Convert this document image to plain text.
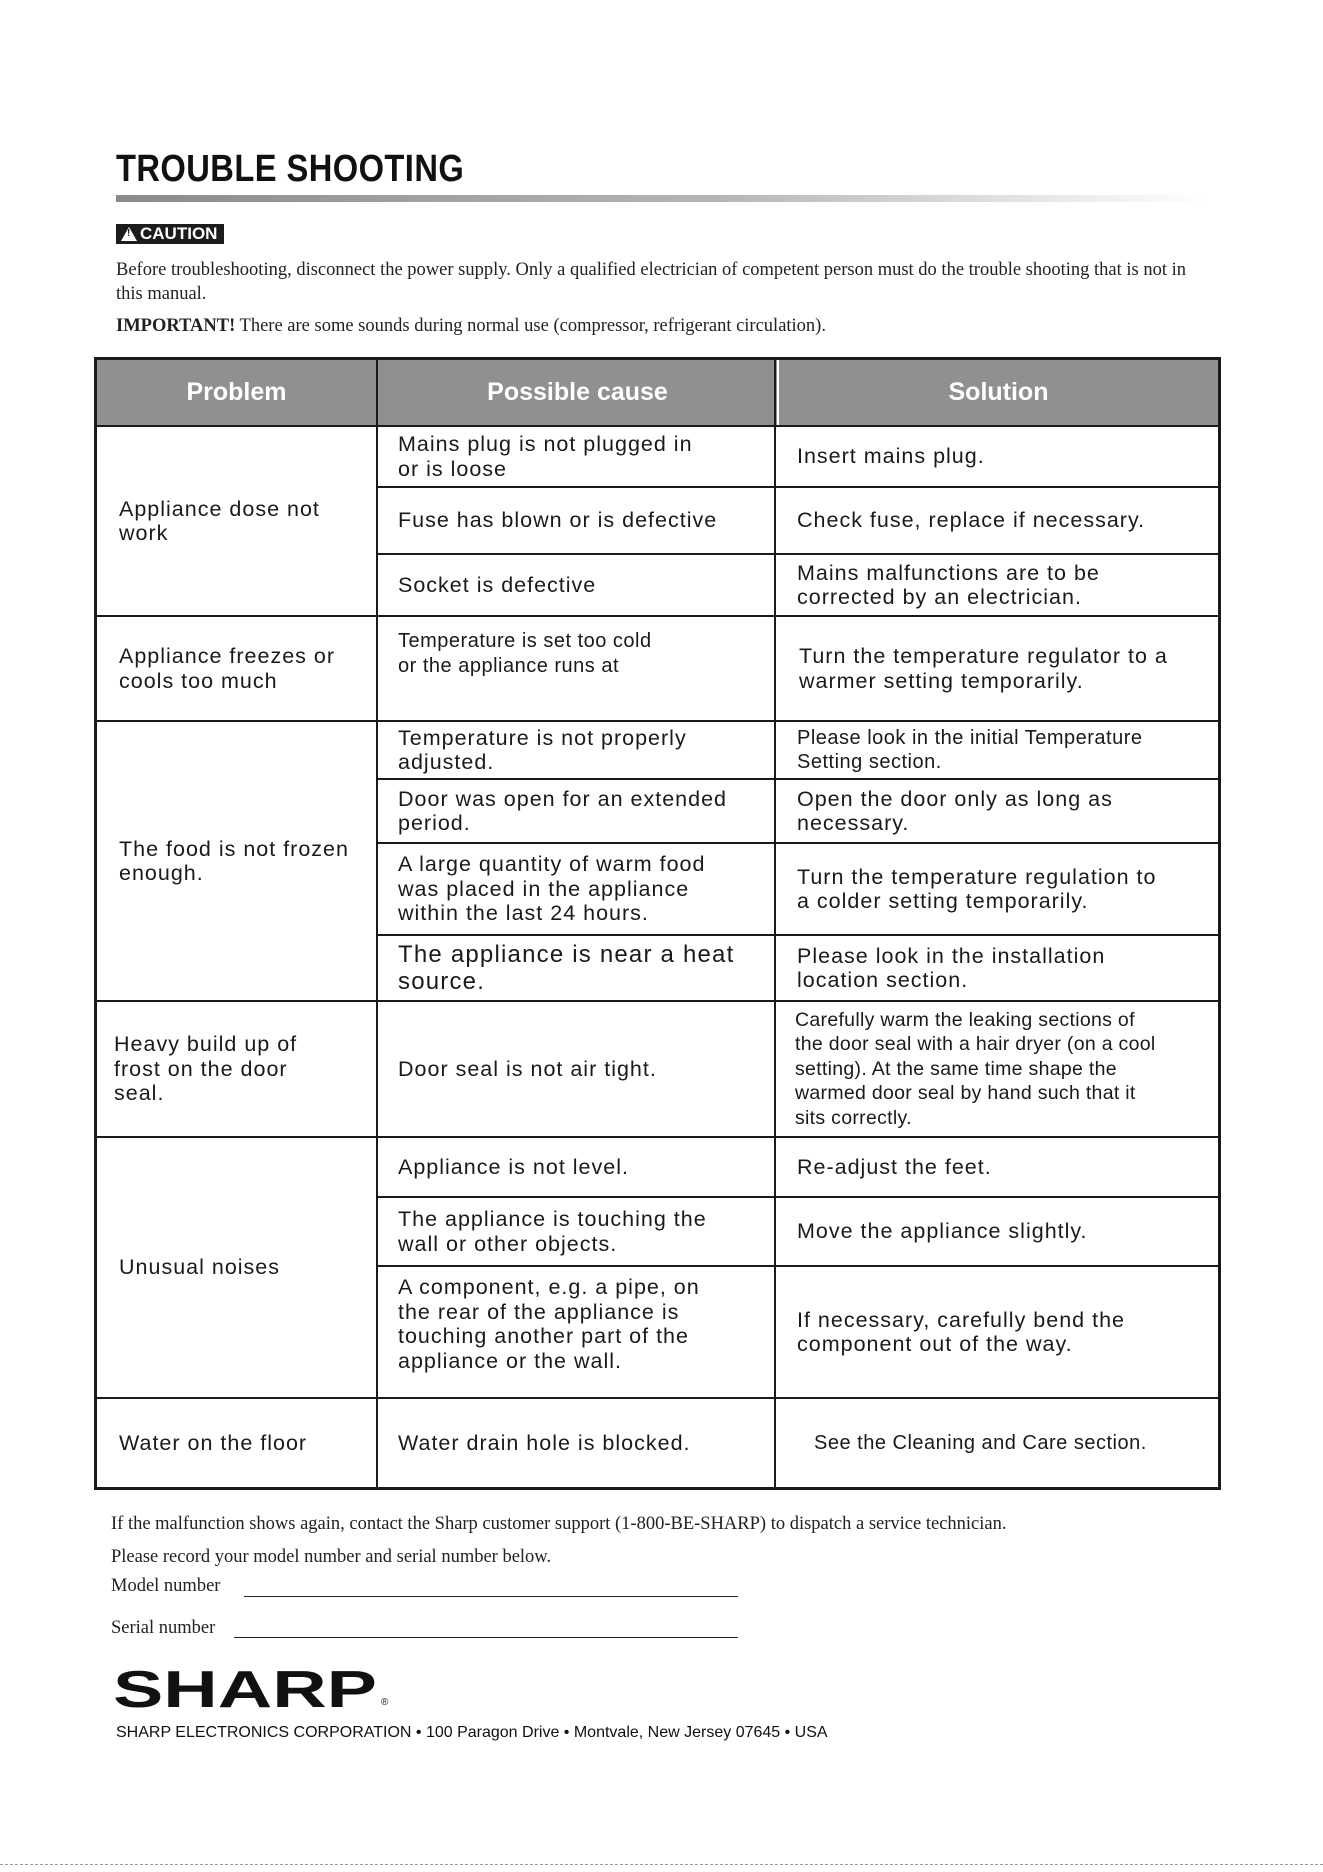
TROUBLE SHOOTING
!
CAUTION
Before troubleshooting, disconnect the power supply. Only a qualified electrician of competent person must do the trouble shooting that is not in this manual.
IMPORTANT! There are some sounds during normal use (compressor, refrigerant circulation).
Problem	Possible cause	Solution
Appliance dose not
work
Appliance freezes or
cools too much
The food is not frozen
enough.
Heavy build up of
frost on the door
seal.
Unusual noises
Water on the floor
Mains plug is not plugged in
or is loose
Fuse has blown or is defective
Socket is defective
Temperature is set too cold
or the appliance runs at
Temperature is not properly
adjusted.
Door was open for an extended
period.
A large quantity of warm food
was placed in the appliance
within the last 24 hours.
The appliance is near a heat
source.
Door seal is not air tight.
Appliance is not level.
The appliance is touching the
wall or other objects.
A component, e.g. a pipe, on
the rear of the appliance is
touching another part of the
appliance or the wall.
Water drain hole is blocked.
Insert mains plug.
Check fuse, replace if necessary.
Mains malfunctions are to be
corrected by an electrician.
Turn the temperature regulator to a
warmer setting temporarily.
Please look in the initial Temperature
Setting section.
Open the door only as long as
necessary.
Turn the temperature regulation to
a colder setting temporarily.
Please look in the installation
location section.
Carefully warm the leaking sections of
the door seal with a hair dryer (on a cool
setting). At the same time shape the
warmed door seal by hand such that it
sits correctly.
Re-adjust the feet.
Move the appliance slightly.
If necessary, carefully bend the
component out of the way.
See the Cleaning and Care section.
If the malfunction shows again, contact the Sharp customer support (1-800-BE-SHARP) to dispatch a service technician.
Please record your model number and serial number below.
Model number
Serial number
SHARP ®
SHARP ELECTRONICS CORPORATION • 100 Paragon Drive • Montvale, New Jersey 07645 • USA
